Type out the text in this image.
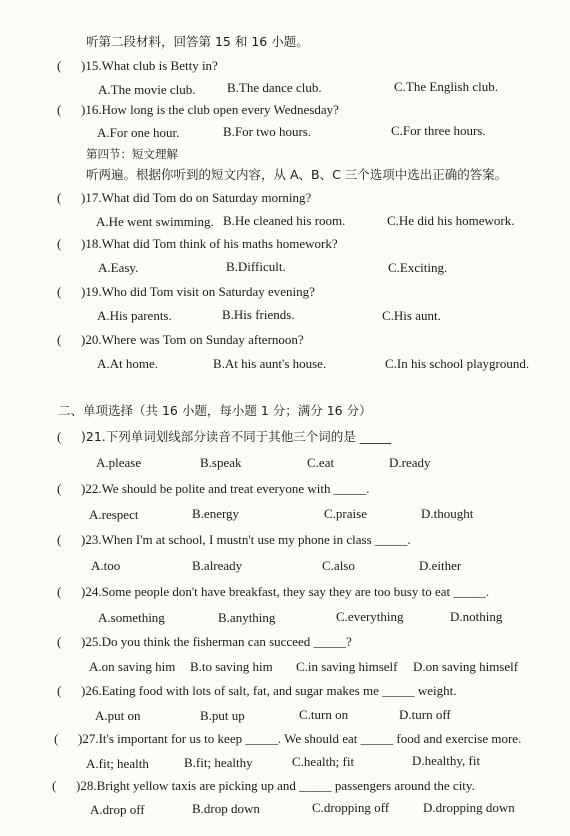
听第二段材料，回答第 15 和 16 小题。
( )15.What club is Betty in?
A.The movie club. B.The dance club.	C.The English club.
( )16.How long is the club open every Wednesday?
A.For one hour.	B.For two hours.	C.For three hours.
第四节：短文理解
听两遍。根据你听到的短文内容，从 A、B、C 三个选项中选出正确的答案。
( )17.What did Tom do on Saturday morning?
A.He went swimming. B.He cleaned his room.	C.He did his homework.
( )18.What did Tom think of his maths homework?
A.Easy.	B.Difficult.	C.Exciting.
( )19.Who did Tom visit on Saturday evening?
A.His parents.	B.His friends.	C.His aunt.
( )20.Where was Tom on Sunday afternoon?
A.At home.	B.At his aunt's house.	C.In his school playground.
二、单项选择（共 16 小题，每小题 1 分；满分 16 分）
( )21.下列单词划线部分读音不同于其他三个词的是 _____
A.please	B.speak	C.eat	D.ready
( )22.We should be polite and treat everyone with _____.
A.respect	B.energy	C.praise	D.thought
( )23.When I'm at school, I mustn't use my phone in class _____.
A.too	B.already	C.also	D.either
( )24.Some people don't have breakfast, they say they are too busy to eat _____.
A.something	B.anything	C.everything	D.nothing
( )25.Do you think the fisherman can succeed _____?
A.on saving him B.to saving him C.in saving himself D.on saving himself
( )26.Eating food with lots of salt, fat, and sugar makes me _____ weight.
A.put on	B.put up	C.turn on	D.turn off
( )27.It's important for us to keep _____. We should eat _____ food and exercise more.
A.fit; health	B.fit; healthy	C.health; fit	D.healthy, fit
( )28.Bright yellow taxis are picking up and _____ passengers around the city.
A.drop off	B.drop down	C.dropping off	D.dropping down
